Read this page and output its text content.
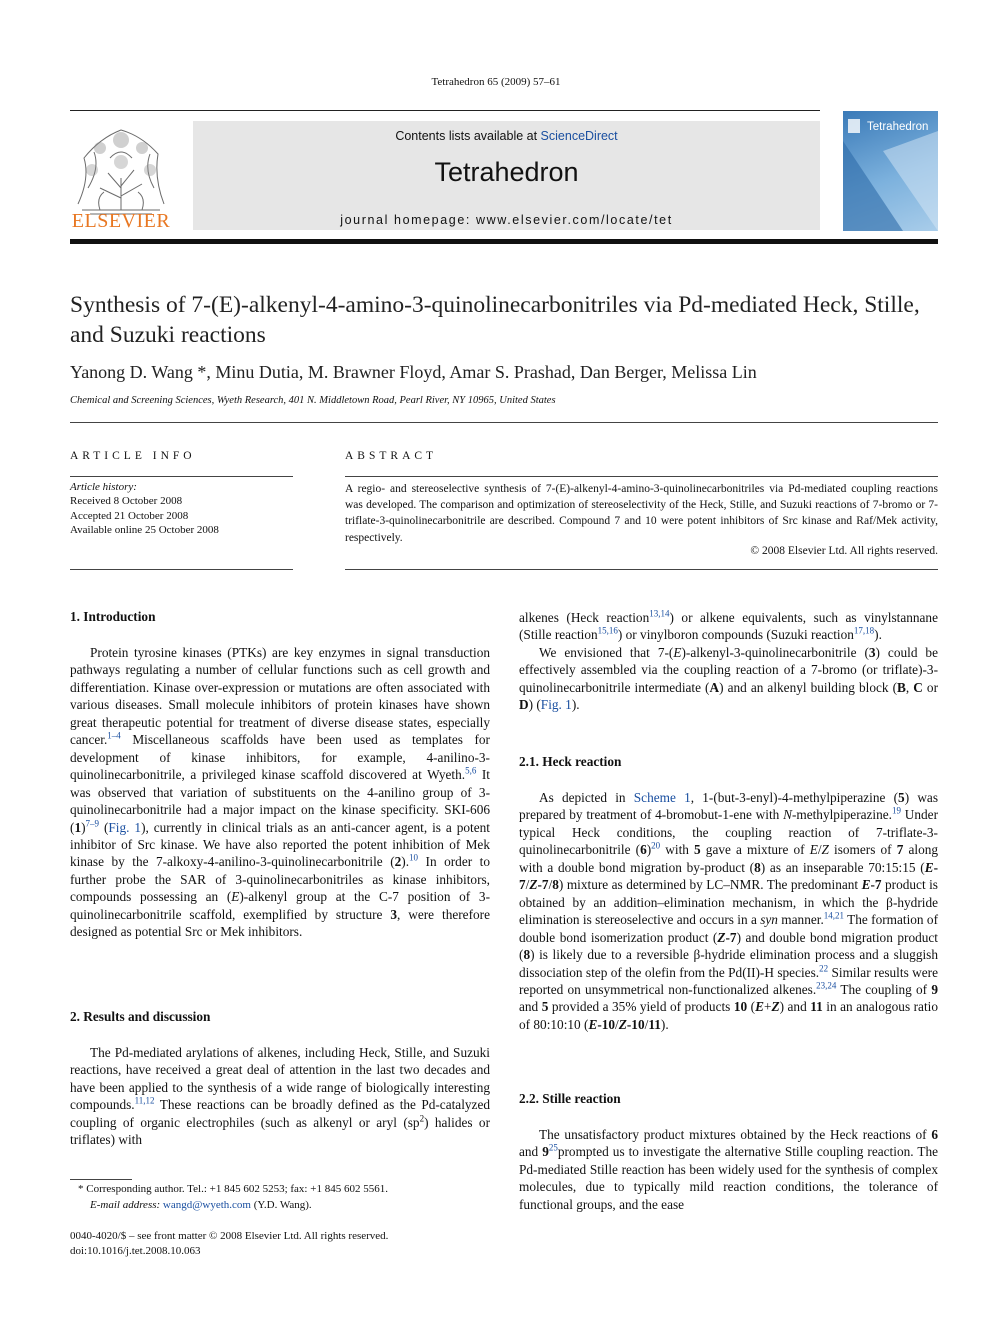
Tetrahedron 65 (2009) 57–61
ELSEVIER
Contents lists available at ScienceDirect
Tetrahedron
journal homepage: www.elsevier.com/locate/tet
Tetrahedron
Synthesis of 7-(E)-alkenyl-4-amino-3-quinolinecarbonitriles via Pd-mediated Heck, Stille, and Suzuki reactions
Yanong D. Wang *, Minu Dutia, M. Brawner Floyd, Amar S. Prashad, Dan Berger, Melissa Lin
Chemical and Screening Sciences, Wyeth Research, 401 N. Middletown Road, Pearl River, NY 10965, United States
ARTICLE INFO	ABSTRACT
Article history:
Received 8 October 2008
Accepted 21 October 2008
Available online 25 October 2008
A regio- and stereoselective synthesis of 7-(E)-alkenyl-4-amino-3-quinolinecarbonitriles via Pd-mediated coupling reactions was developed. The comparison and optimization of stereoselectivity of the Heck, Stille, and Suzuki reactions of 7-bromo or 7-triflate-3-quinolinecarbonitrile are described. Compound 7 and 10 were potent inhibitors of Src kinase and Raf/Mek activity, respectively.
© 2008 Elsevier Ltd. All rights reserved.
1. Introduction

Protein tyrosine kinases (PTKs) are key enzymes in signal transduction pathways regulating a number of cellular functions such as cell growth and differentiation. Kinase over-expression or mutations are often associated with various diseases. Small molecule inhibitors of protein kinases have shown great therapeutic potential for treatment of diverse disease states, especially cancer.$^{1-4}$ Miscellaneous scaffolds have been used as templates for development of kinase inhibitors, for example, 4-anilino-3-quinolinecarbonitrile, a privileged kinase scaffold discovered at Wyeth.$^{5,6}$ It was observed that variation of substituents on the 4-anilino group of 3-quinolinecarbonitrile had a major impact on the kinase specificity. SKI-606 $(1)^{7-9}$ (Fig. 1), currently in clinical trials as an anti-cancer agent, is a potent inhibitor of Src kinase. We have also reported the potent inhibition of Mek kinase by the 7-alkoxy-4-anilino-3-quinolinecarbonitrile (2).$^{10}$ In order to further probe the SAR of 3-quinolinecarbonitriles as kinase inhibitors, compounds possessing an (E)-alkenyl group at the C-7 position of 3-quinolinecarbonitrile scaffold, exemplified by structure 3, were therefore designed as potential Src or Mek inhibitors.

2. Results and discussion

The Pd-mediated arylations of alkenes, including Heck, Stille, and Suzuki reactions, have received a great deal of attention in the last two decades and have been applied to the synthesis of a wide range of biologically interesting compounds.$^{11,12}$ These reactions can be broadly defined as the Pd-catalyzed coupling of organic electrophiles (such as alkenyl or aryl $(sp^2)$ halides or triflates) with

* Corresponding author. Tel.: +1 845 602 5253; fax: +1 845 602 5561.
E-mail address: wangd@wyeth.com (Y.D. Wang).
0040-4020/$ – see front matter © 2008 Elsevier Ltd. All rights reserved.
doi:10.1016/j.tet.2008.10.063

alkenes (Heck reaction$^{13,14}$) or alkene equivalents, such as vinylstannane (Stille reaction$^{15,16}$) or vinylboron compounds (Suzuki reaction$^{17,18}$).

We envisioned that 7-(E)-alkenyl-3-quinolinecarbonitrile (3) could be effectively assembled via the coupling reaction of a 7-bromo (or triflate)-3-quinolinecarbonitrile intermediate (A) and an alkenyl building block (B, C or D) (Fig. 1).

2.1. Heck reaction

As depicted in Scheme 1, 1-(but-3-enyl)-4-methylpiperazine (5) was prepared by treatment of 4-bromobut-1-ene with N-methylpiperazine.$^{19}$ Under typical Heck conditions, the coupling reaction of 7-triflate-3-quinolinecarbonitrile $(6)^{20}$ with 5 gave a mixture of E/Z isomers of 7 along with a double bond migration by-product (8) as an inseparable 70:15:15 (E-7/Z-7/8) mixture as determined by LC–NMR. The predominant E-7 product is obtained by an addition–elimination mechanism, in which the β-hydride elimination is stereoselective and occurs in a syn manner.$^{14,21}$ The formation of double bond isomerization product (Z-7) and double bond migration product (8) is likely due to a reversible β-hydride elimination process and a sluggish dissociation step of the olefin from the Pd(II)-H species.$^{22}$ Similar results were reported on unsymmetrical non-functionalized alkenes.$^{23,24}$ The coupling of 9 and 5 provided a 35% yield of products 10 (E+Z) and 11 in an analogous ratio of 80:10:10 (E-10/Z-10/11).

2.2. Stille reaction

The unsatisfactory product mixtures obtained by the Heck reactions of 6 and $9^{25}prompted$ us to investigate the alternative Stille coupling reaction. The Pd-mediated Stille reaction has been widely used for the synthesis of complex molecules, due to typically mild reaction conditions, the tolerance of functional groups, and the ease
